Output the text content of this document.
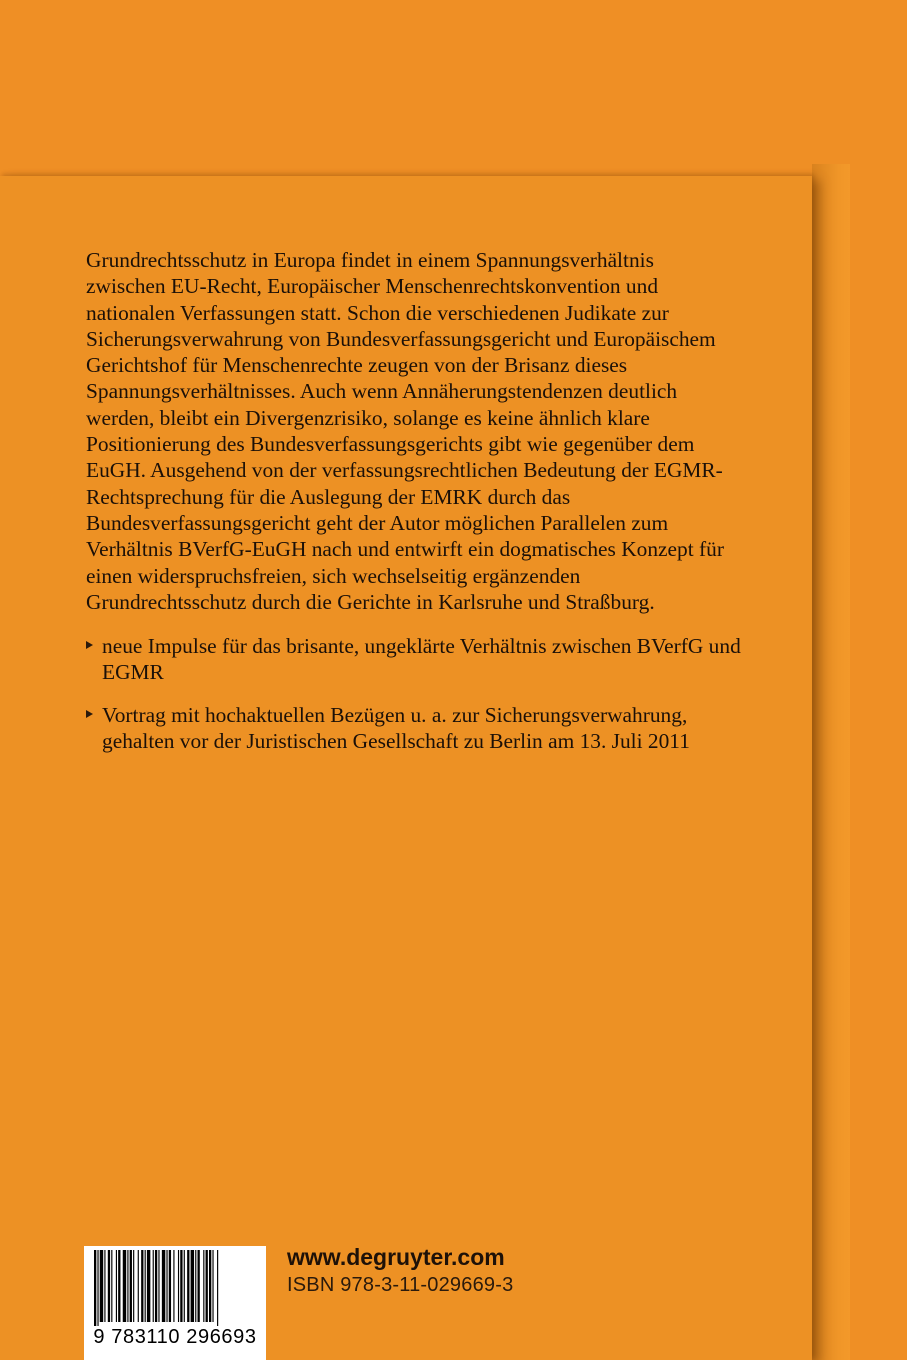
Grundrechtsschutz in Europa findet in einem Spannungsverhältnis zwischen EU-Recht, Europäischer Menschenrechtskonvention und nationalen Verfassungen statt. Schon die verschiedenen Judikate zur Sicherungsverwahrung von Bundesverfassungsgericht und Europäischem Gerichtshof für Menschenrechte zeugen von der Brisanz dieses Spannungsverhältnisses. Auch wenn Annäherungstendenzen deutlich werden, bleibt ein Divergenzrisiko, solange es keine ähnlich klare Positionierung des Bundesverfassungsgerichts gibt wie gegenüber dem EuGH. Ausgehend von der verfassungsrechtlichen Bedeutung der EGMR-Rechtsprechung für die Auslegung der EMRK durch das Bundesverfassungsgericht geht der Autor möglichen Parallelen zum Verhältnis BVerfG-EuGH nach und entwirft ein dogmatisches Konzept für einen widerspruchsfreien, sich wechselseitig ergänzenden Grundrechtsschutz durch die Gerichte in Karlsruhe und Straßburg.

neue Impulse für das brisante, ungeklärte Verhältnis zwischen BVerfG und EGMR
Vortrag mit hochaktuellen Bezügen u. a. zur Sicherungsverwahrung, gehalten vor der Juristischen Gesellschaft zu Berlin am 13. Juli 2011
9 783110 296693
www.degruyter.com
ISBN 978-3-11-029669-3
